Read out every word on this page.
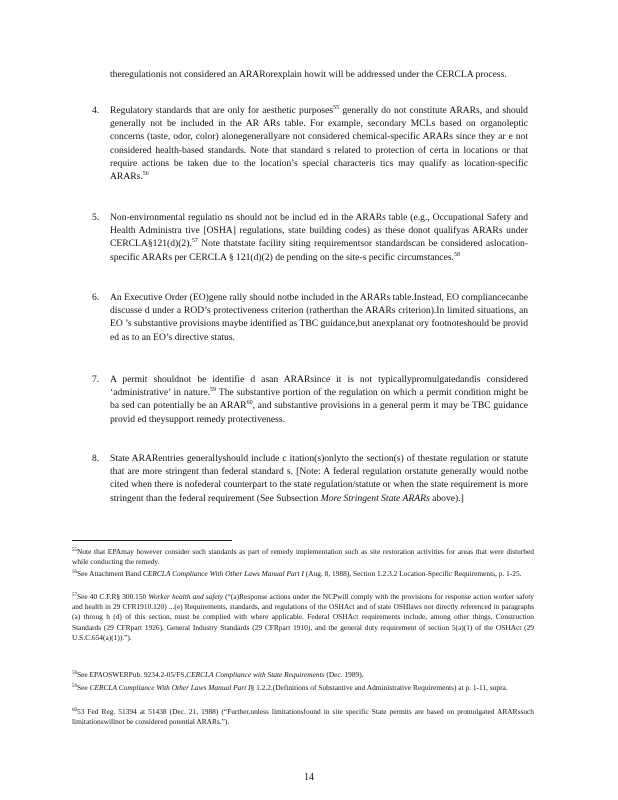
theregulationis not considered an ARARorexplain howit will be addressed under the CERCLA process.

4. Regulatory standards that are only for aesthetic purposes$^{55}$ generally do not constitute ARARs, and should generally not be included in the AR ARs table. For example, secondary MCLs based on organoleptic concerns (taste, odor, color) alonegenerallyare not considered chemical-specific ARARs since they ar e not considered health-based standards. Note that standard s related to protection of certa in locations or that require actions be taken due to the location’s special characteris tics may qualify as location-specific ARARs.$^{56}$

5. Non-environmental regulatio ns should not be includ ed in the ARARs table (e.g., Occupational Safety and Health Administra tive [OSHA] regulations, state building codes) as these donot qualifyas ARARs under CERCLA§121(d)(2).$^{57}$ Note thatstate facility siting requirementsor standardscan be considered aslocation-specific ARARs per CERCLA § 121(d)(2) de pending on the site-s pecific circumstances.$^{58}$

6. An Executive Order (EO)gene rally should notbe included in the ARARs table.Instead, EO compliancecanbe discusse d under a ROD’s protectiveness criterion (ratherthan the ARARs criterion).In limited situations, an EO ’s substantive provisions maybe identified as TBC guidance,but anexplanat ory footnoteshould be provid ed as to an EO’s directive status.

7. A permit shouldnot be identifie d asan ARARsince it is not typicallypromulgatedandis considered ‘administrative’ in nature.$^{59}$ The substantive portion of the regulation on which a permit condition might be ba sed can potentially be an ARAR$^{60}$, and substantive provisions in a general perm it may be TBC guidance provid ed theysupport remedy protectiveness.

8. State ARARentries generallyshould include c itation(s)onlyto the section(s) of thestate regulation or statute that are more stringent than federal standard s. [Note: A federal regulation orstatute generally would notbe cited when there is nofederal counterpart to the state regulation/statute or when the state requirement is more stringent than the federal requirement (See Subsection More Stringent State ARARs above).]

$^{55}$Note that EPAmay however consider such standards as part of remedy implementation such as site restoration activities for areas that were disturbed while conducting the remedy.

$^{56}$See Attachment Band CERCLA Compliance With Other Laws Manual Part I (Aug. 8, 1988), Section 1.2.3.2 Location-Specific Requirements, p. 1-25.

$^{57}$See 40 C.F.R§ 300.150 Worker health and safety (“(a)Response actions under the NCPwill comply with the provisions for response action worker safety and health in 29 CFR1910.120) ...(e) Requirements, standards, and regulations of the OSHAct and of state OSHlaws not directly referenced in paragraphs (a) throug h (d) of this section, must be complied with where applicable. Federal OSHAct requirements include, among other things, Construction Standards (29 CFRpart 1926), General Industry Standards (29 CFRpart 1910), and the general duty requirement of section 5(a)(1) of the OSHAct (29 U.S.C.654(a)(1)).”).

$^{58}$See EPAOSWERPub. 9234.2-05/FS,CERCLA Compliance with State Requirements (Dec. 1989).

$^{59}$See CERCLA Compliance With Other Laws Manual Part I§ 1.2.2.(Definitions of Substantive and Administrative Requirements) at p. 1-11, supra.

$^{60}$53 Fed Reg. 51394 at 51438 (Dec. 21, 1988) (“Further,unless limitationsfound in site specific State permits are based on promulgated ARARssuch limitationswillnot be considered potential ARARs.”).

14
